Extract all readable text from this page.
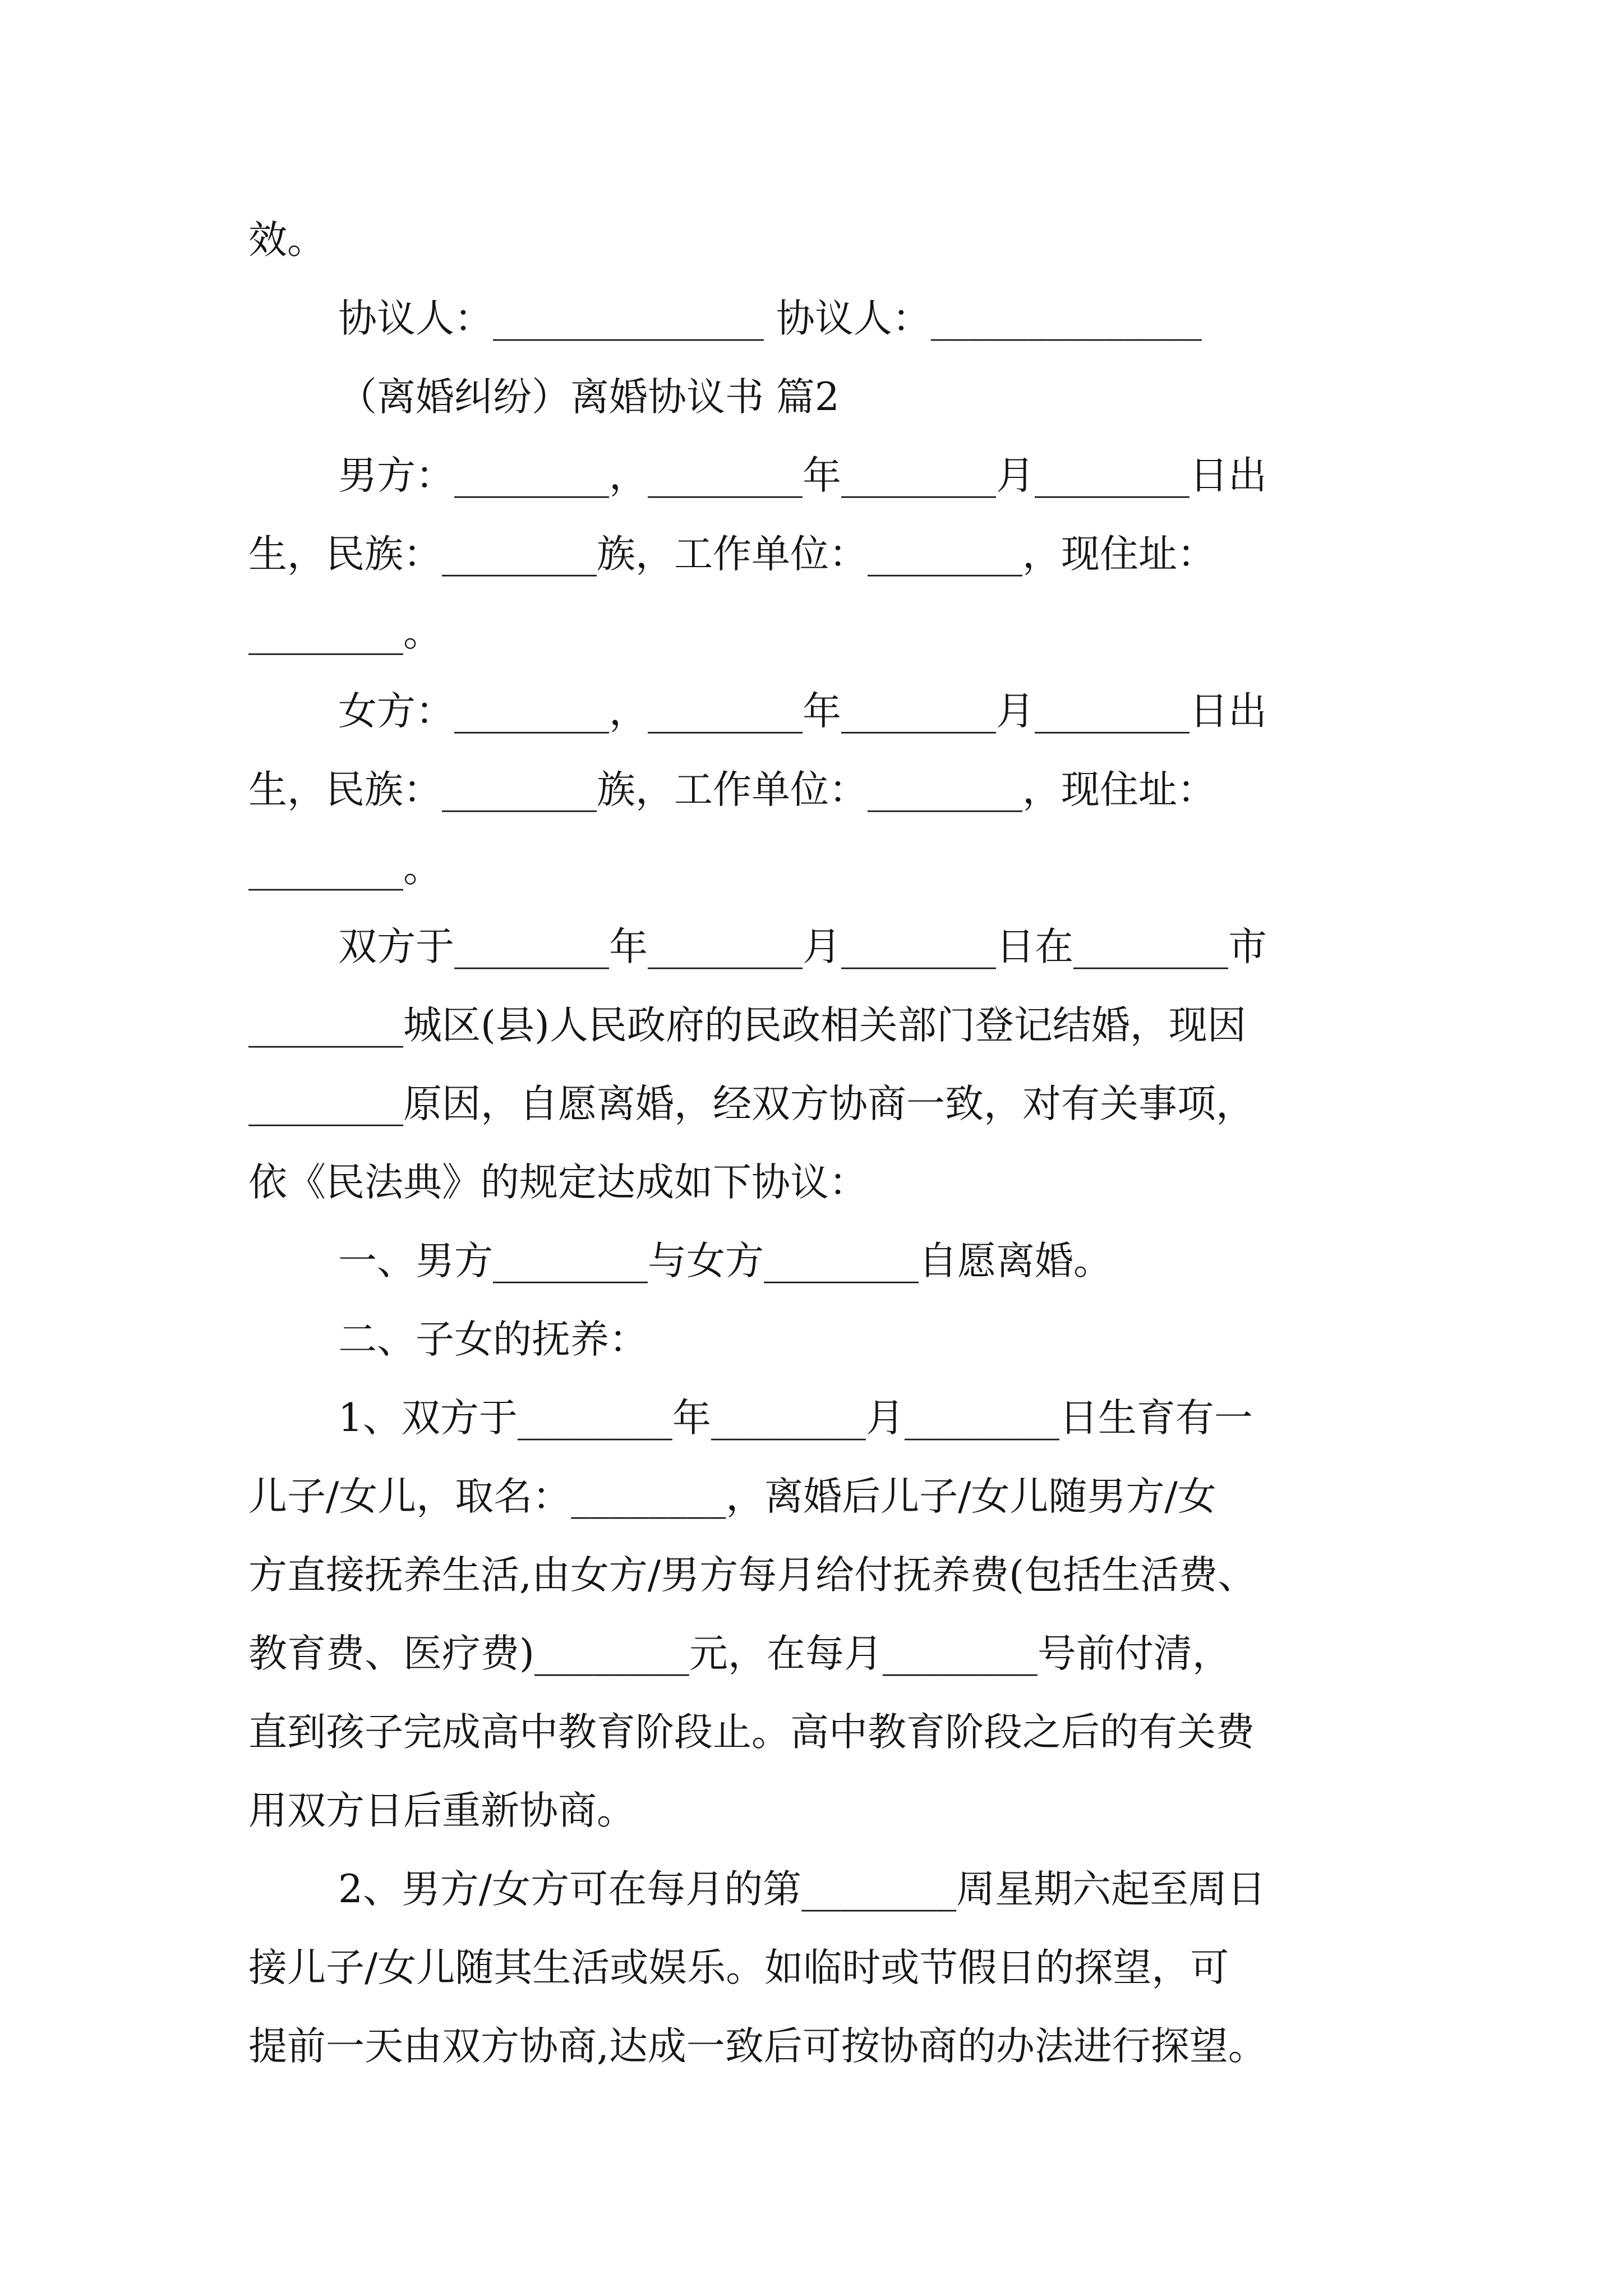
效。
协议人：______________ 协议人：______________
（离婚纠纷）离婚协议书 篇2
男方：________，________年________月________日出
生，民族：________族，工作单位：________，现住址：
________。
女方：________，________年________月________日出
生，民族：________族，工作单位：________，现住址：
________。
双方于________年________月________日在________市
________城区(县)人民政府的民政相关部门登记结婚，现因
________原因，自愿离婚，经双方协商一致，对有关事项，
依《民法典》的规定达成如下协议：
一、男方________与女方________自愿离婚。
二、子女的抚养：
1、双方于________年________月________日生育有一
儿子/女儿，取名：________，离婚后儿子/女儿随男方/女
方直接抚养生活,由女方/男方每月给付抚养费(包括生活费、
教育费、医疗费)________元，在每月________号前付清，
直到孩子完成高中教育阶段止。高中教育阶段之后的有关费
用双方日后重新协商。
2、男方/女方可在每月的第________周星期六起至周日
接儿子/女儿随其生活或娱乐。如临时或节假日的探望，可
提前一天由双方协商,达成一致后可按协商的办法进行探望。
